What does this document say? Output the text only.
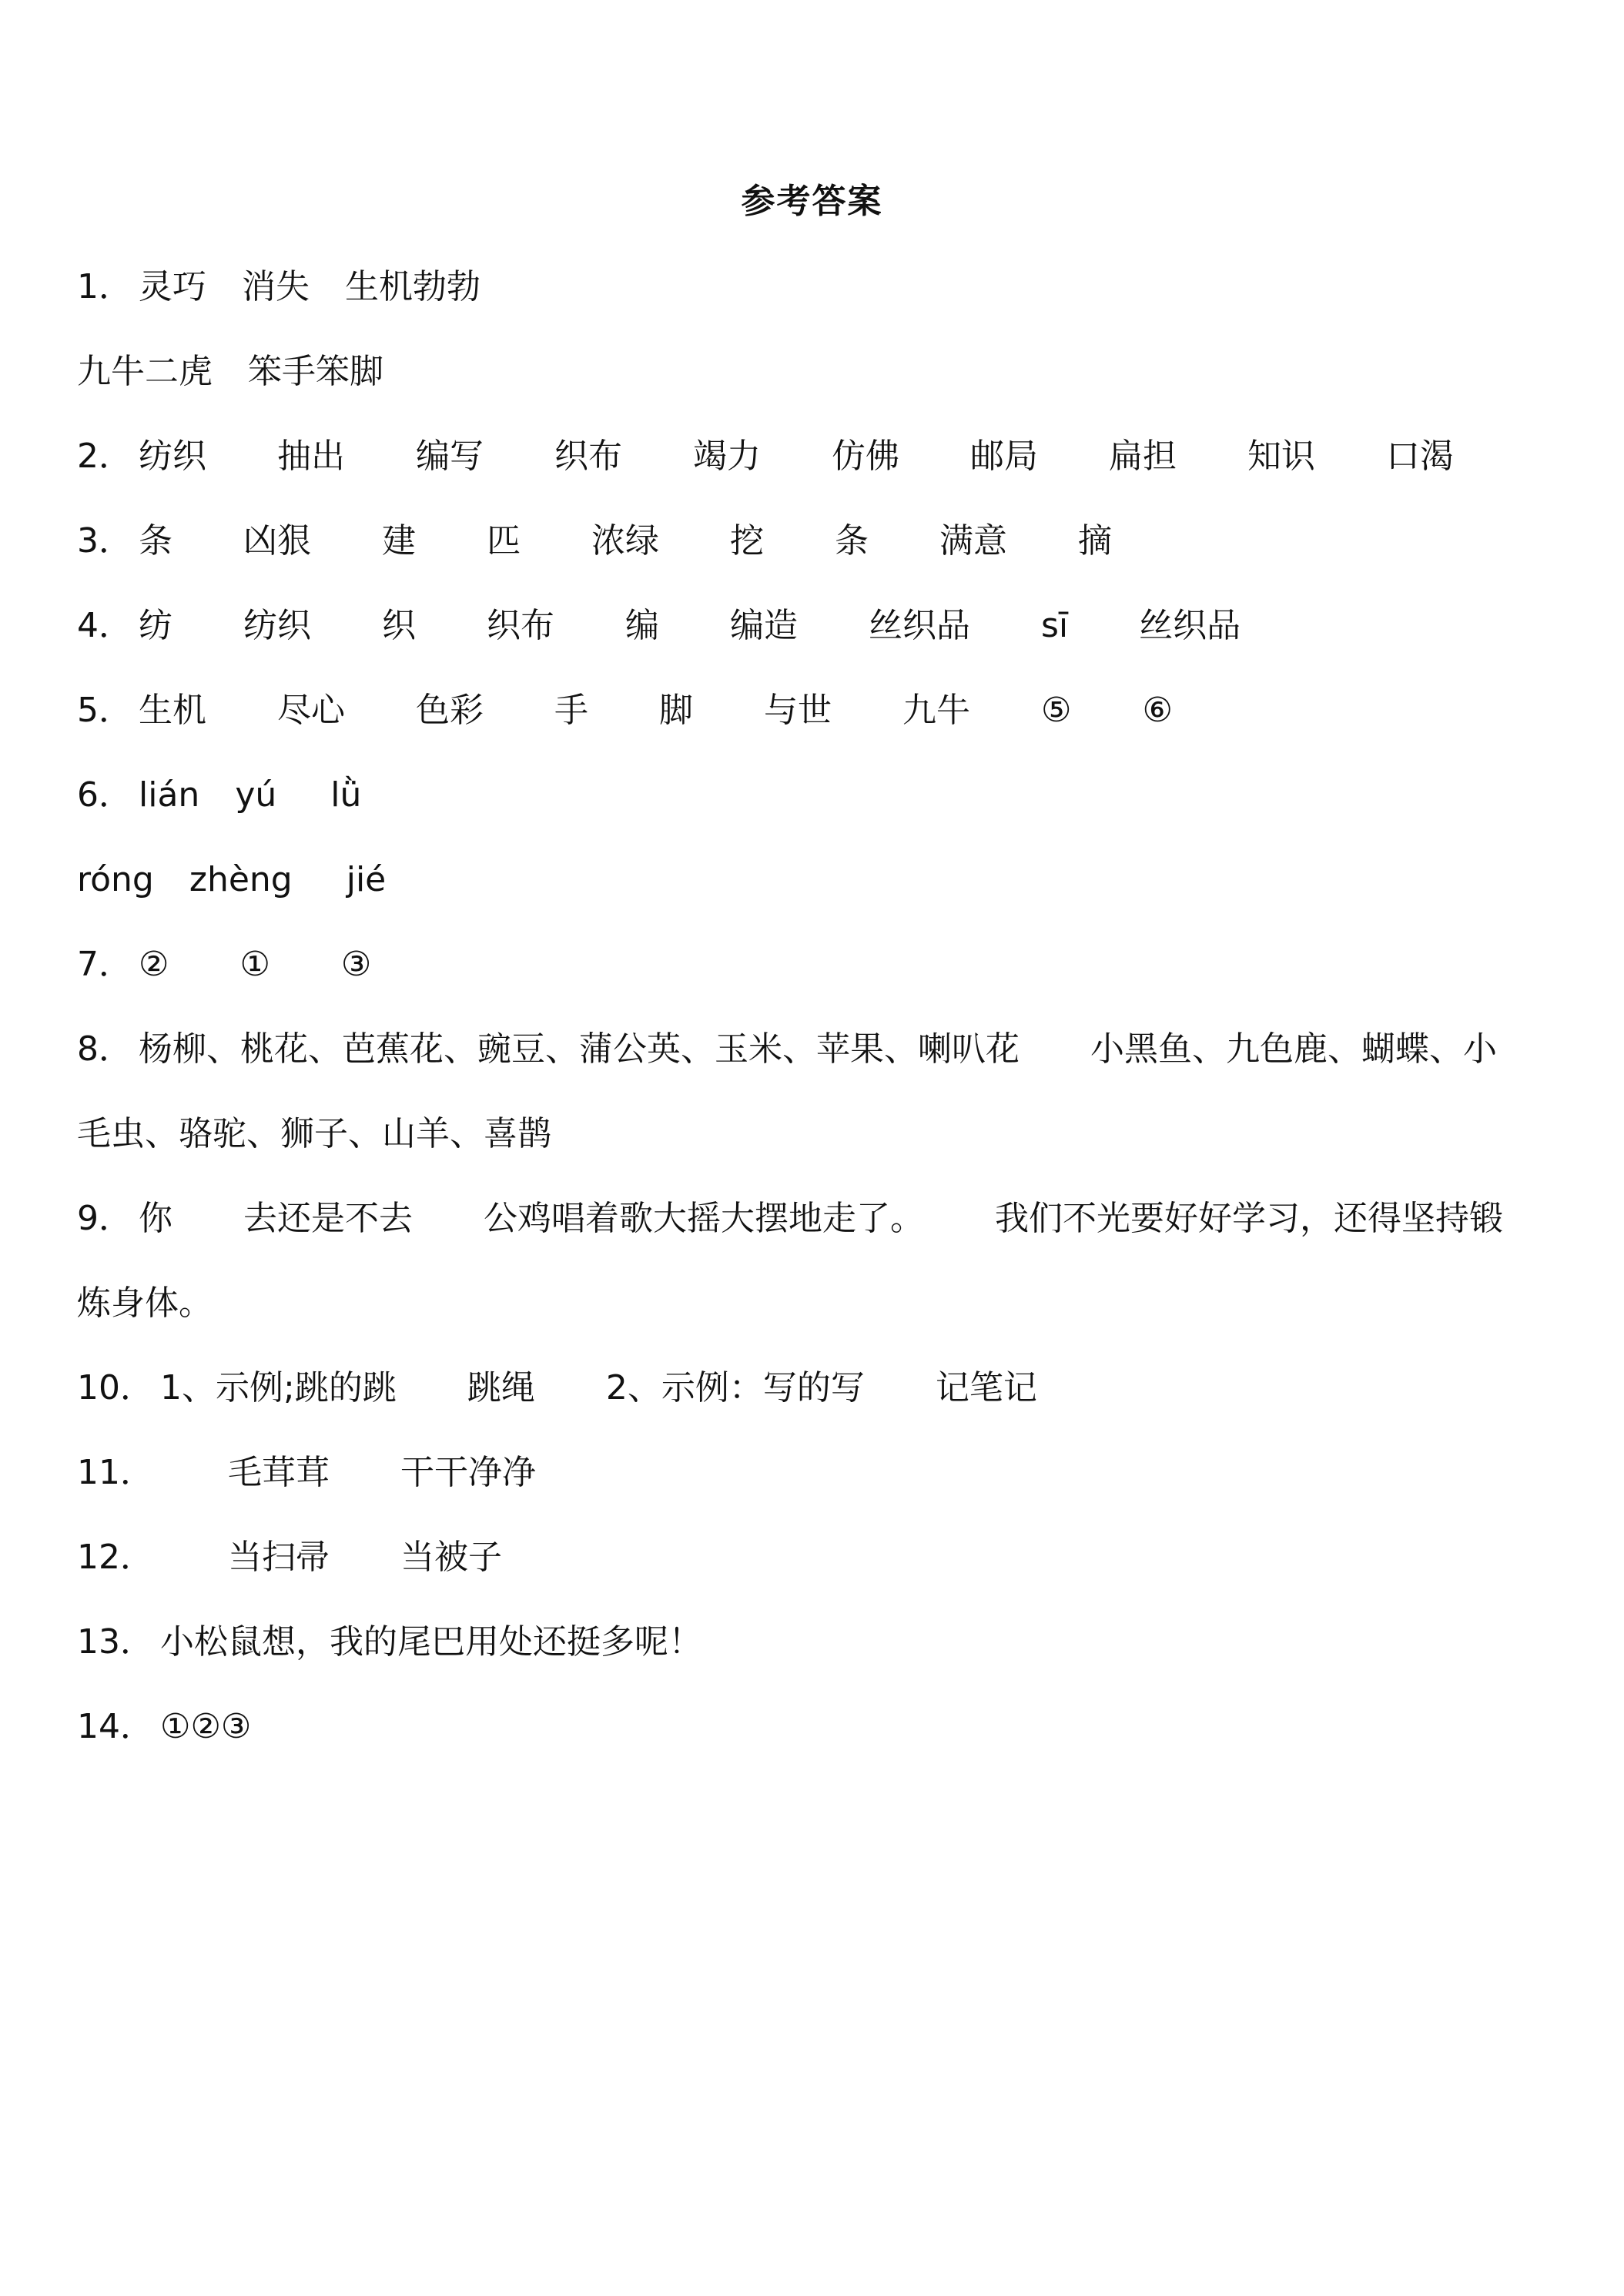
参考答案
1． 灵巧 消失 生机勃勃
九牛二虎 笨手笨脚
2． 纺织 抽出 编写 织布 竭力 仿佛 邮局 扁担 知识 口渴
3． 条 凶狠 建 匹 浓绿 挖 条 满意 摘
4． 纺 纺织 织 织布 编 编造 丝织品 sī 丝织品
5． 生机 尽心 色彩 手 脚 与世 九牛 ⑤ ⑥
6． lián yú lǜ
róng zhèng jié
7． ② ① ③
8． 杨柳、桃花、芭蕉花、豌豆、蒲公英、玉米、苹果、喇叭花 小黑鱼、九色鹿、蝴蝶、小
毛虫、骆驼、狮子、山羊、喜鹊
9． 你 去还是不去 公鸡唱着歌大摇大摆地走了。 我们不光要好好学习，还得坚持锻
炼身体。
10． 1、示例;跳的跳 跳绳 2、示例：写的写 记笔记
11． 毛茸茸 干干净净
12． 当扫帚 当被子
13． 小松鼠想，我的尾巴用处还挺多呢！
14． ①②③
